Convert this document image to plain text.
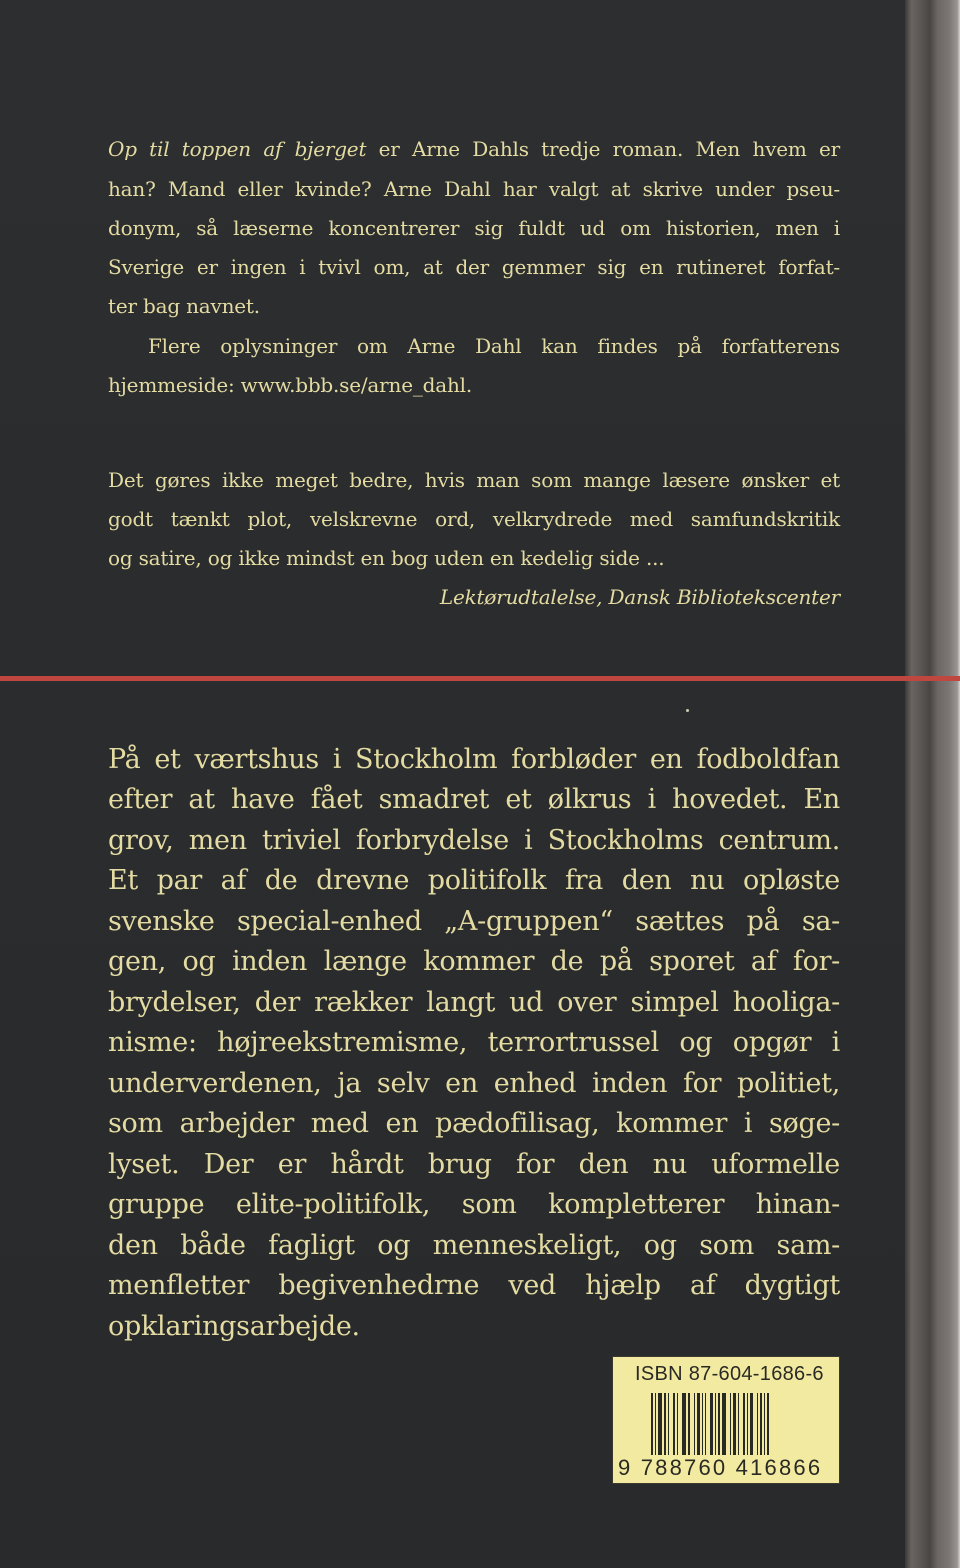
Op til toppen af bjerget er Arne Dahls tredje roman. Men hvem er
han? Mand eller kvinde? Arne Dahl har valgt at skrive under pseu-
donym, så læserne koncentrerer sig fuldt ud om historien, men i
Sverige er ingen i tvivl om, at der gemmer sig en rutineret forfat-
ter bag navnet.
Flere oplysninger om Arne Dahl kan findes på forfatterens
hjemmeside: www.bbb.se/arne_dahl.
Det gøres ikke meget bedre, hvis man som mange læsere ønsker et
godt tænkt plot, velskrevne ord, velkrydrede med samfundskritik
og satire, og ikke mindst en bog uden en kedelig side ...
Lektørudtalelse, Dansk Bibliotekscenter
På et værtshus i Stockholm forbløder en fodboldfan
efter at have fået smadret et ølkrus i hovedet. En
grov, men triviel forbrydelse i Stockholms centrum.
Et par af de drevne politifolk fra den nu opløste
svenske special-enhed „A-gruppen“ sættes på sa-
gen, og inden længe kommer de på sporet af for-
brydelser, der rækker langt ud over simpel hooliga-
nisme: højreekstremisme, terrortrussel og opgør i
underverdenen, ja selv en enhed inden for politiet,
som arbejder med en pædofilisag, kommer i søge-
lyset. Der er hårdt brug for den nu uformelle
gruppe elite-politifolk, som kompletterer hinan-
den både fagligt og menneskeligt, og som sam-
menfletter begivenhedrne ved hjælp af dygtigt
opklaringsarbejde.
ISBN 87-604-1686-6
9 788760 416866
